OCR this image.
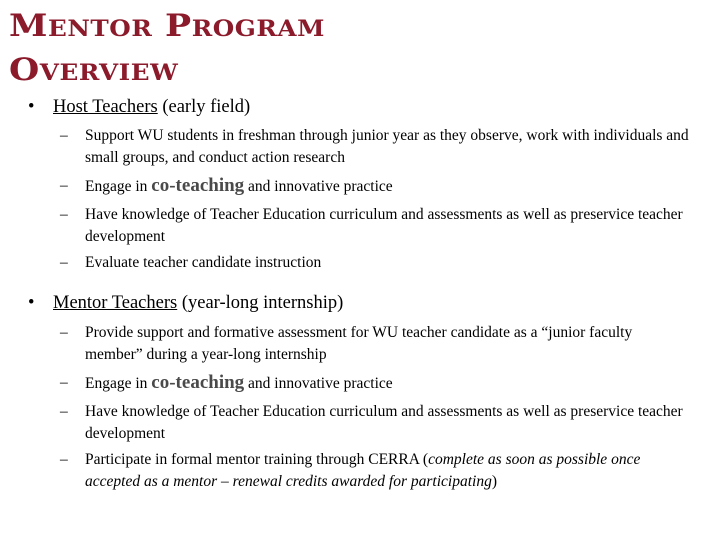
Mentor Program
Overview
•	Host Teachers
(early field)
–	Support WU students in freshman through junior year as they observe, work with individuals and small groups, and conduct action research
–	Engage in co-teaching and innovative practice
–	Have knowledge of Teacher Education curriculum and assessments as well as preservice teacher development
–	Evaluate teacher candidate instruction
•	Mentor Teachers
(year-long internship)
–	Provide support and formative assessment for WU teacher candidate as a “junior faculty member” during a year-long internship
–	Engage in co-teaching and innovative practice
–	Have knowledge of Teacher Education curriculum and assessments as well as preservice teacher development
–	Participate in formal mentor training through CERRA (complete as soon as possible once accepted as a mentor – renewal credits awarded for participating)
